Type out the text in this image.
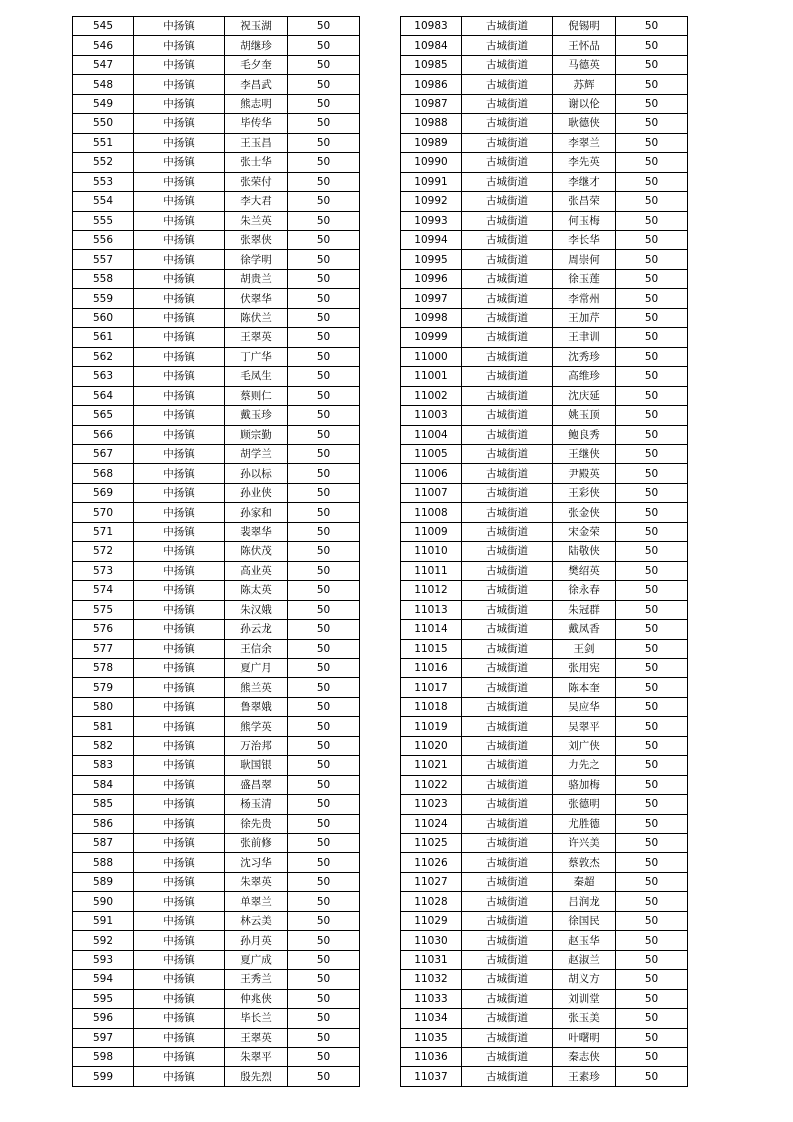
545	中扬镇	祝玉湖	50
546	中扬镇	胡继珍	50
547	中扬镇	毛夕奎	50
548	中扬镇	李昌武	50
549	中扬镇	熊志明	50
550	中扬镇	毕传华	50
551	中扬镇	王玉昌	50
552	中扬镇	张士华	50
553	中扬镇	张荣付	50
554	中扬镇	李大君	50
555	中扬镇	朱兰英	50
556	中扬镇	张翠侠	50
557	中扬镇	徐学明	50
558	中扬镇	胡贵兰	50
559	中扬镇	伏翠华	50
560	中扬镇	陈伏兰	50
561	中扬镇	王翠英	50
562	中扬镇	丁广华	50
563	中扬镇	毛凤生	50
564	中扬镇	蔡则仁	50
565	中扬镇	戴玉珍	50
566	中扬镇	顾宗勤	50
567	中扬镇	胡学兰	50
568	中扬镇	孙以标	50
569	中扬镇	孙业侠	50
570	中扬镇	孙家和	50
571	中扬镇	裴翠华	50
572	中扬镇	陈伏茂	50
573	中扬镇	高业英	50
574	中扬镇	陈太英	50
575	中扬镇	朱汉娥	50
576	中扬镇	孙云龙	50
577	中扬镇	王信余	50
578	中扬镇	夏广月	50
579	中扬镇	熊兰英	50
580	中扬镇	鲁翠娥	50
581	中扬镇	熊学英	50
582	中扬镇	万治邦	50
583	中扬镇	耿国银	50
584	中扬镇	盛昌翠	50
585	中扬镇	杨玉清	50
586	中扬镇	徐先贵	50
587	中扬镇	张前修	50
588	中扬镇	沈习华	50
589	中扬镇	朱翠英	50
590	中扬镇	单翠兰	50
591	中扬镇	林云美	50
592	中扬镇	孙月英	50
593	中扬镇	夏广成	50
594	中扬镇	王秀兰	50
595	中扬镇	仲兆侠	50
596	中扬镇	毕长兰	50
597	中扬镇	王翠英	50
598	中扬镇	朱翠平	50
599	中扬镇	殷先烈	50
10983	古城街道	倪锡明	50
10984	古城街道	王怀品	50
10985	古城街道	马德英	50
10986	古城街道	苏辉	50
10987	古城街道	谢以伦	50
10988	古城街道	耿德侠	50
10989	古城街道	李翠兰	50
10990	古城街道	李先英	50
10991	古城街道	李继才	50
10992	古城街道	张昌荣	50
10993	古城街道	何玉梅	50
10994	古城街道	李长华	50
10995	古城街道	周崇何	50
10996	古城街道	徐玉莲	50
10997	古城街道	李常州	50
10998	古城街道	王加芹	50
10999	古城街道	王聿训	50
11000	古城街道	沈秀珍	50
11001	古城街道	高维珍	50
11002	古城街道	沈庆延	50
11003	古城街道	姚玉顶	50
11004	古城街道	鲍良秀	50
11005	古城街道	王继侠	50
11006	古城街道	尹殿英	50
11007	古城街道	王彩侠	50
11008	古城街道	张金侠	50
11009	古城街道	宋金荣	50
11010	古城街道	陆敬侠	50
11011	古城街道	樊绍英	50
11012	古城街道	徐永春	50
11013	古城街道	朱冠群	50
11014	古城街道	戴凤香	50
11015	古城街道	王剑	50
11016	古城街道	张用宪	50
11017	古城街道	陈本奎	50
11018	古城街道	吴应华	50
11019	古城街道	吴翠平	50
11020	古城街道	刘广侠	50
11021	古城街道	力先之	50
11022	古城街道	骆加梅	50
11023	古城街道	张德明	50
11024	古城街道	尤胜德	50
11025	古城街道	许兴美	50
11026	古城街道	蔡敦杰	50
11027	古城街道	秦超	50
11028	古城街道	吕润龙	50
11029	古城街道	徐国民	50
11030	古城街道	赵玉华	50
11031	古城街道	赵淑兰	50
11032	古城街道	胡义方	50
11033	古城街道	刘训堂	50
11034	古城街道	张玉美	50
11035	古城街道	叶曙明	50
11036	古城街道	秦志侠	50
11037	古城街道	王素珍	50
